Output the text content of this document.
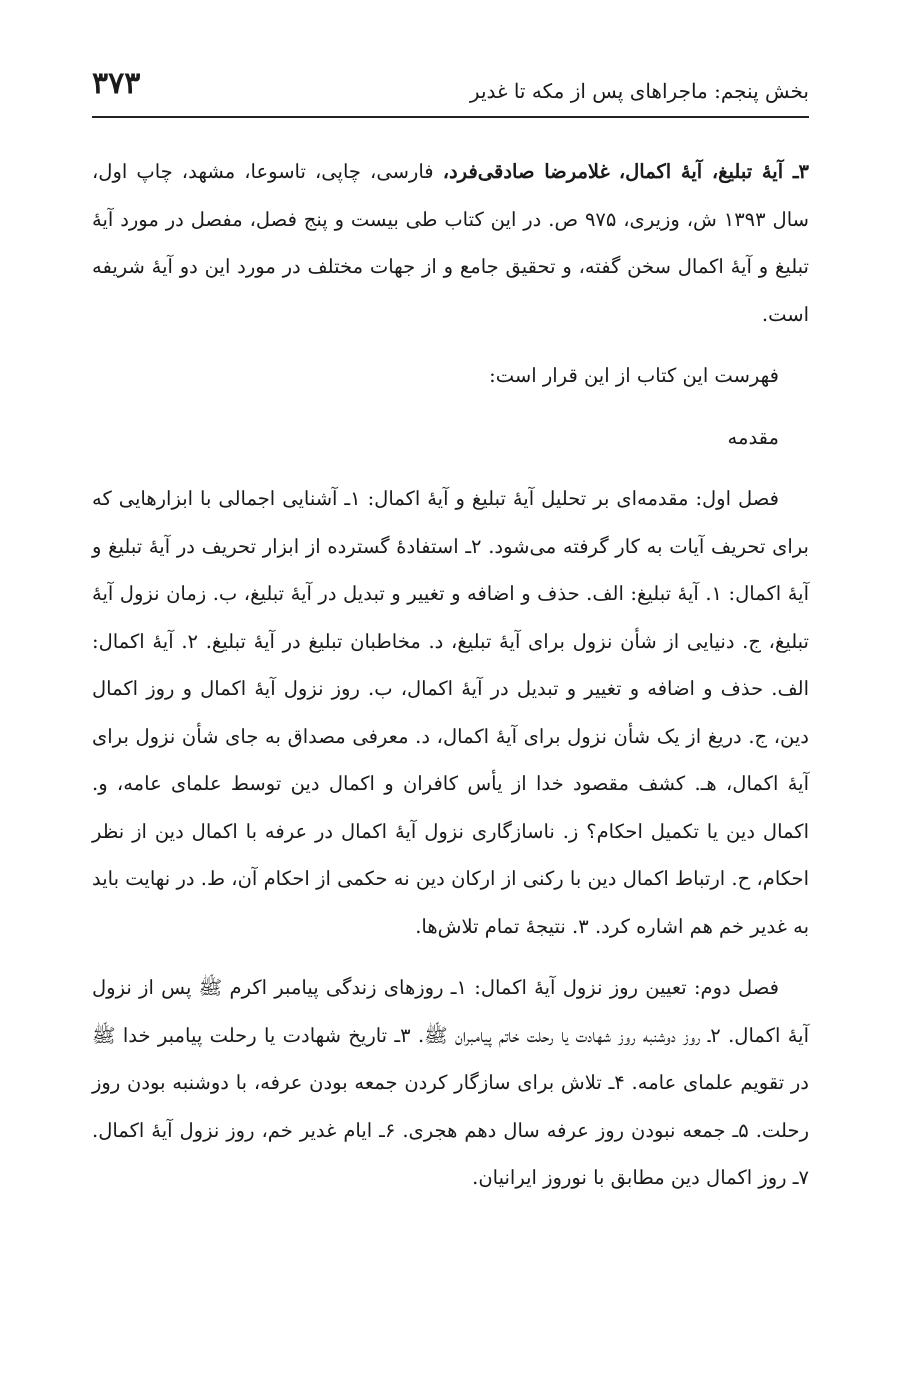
بخش پنجم: ماجراهای پس از مکه تا غدیر
۳۷۳

۳ـ آیۀ تبلیغ، آیۀ اکمال، غلامرضا صادقی‌فرد، فارسی، چاپی، تاسوعا، مشهد، چاپ اول، سال ۱۳۹۳ ش، وزیری، ۹۷۵ ص. در این کتاب طی بیست و پنج فصل، مفصل در مورد آیۀ تبلیغ و آیۀ اکمال سخن گفته، و تحقیق جامع و از جهات مختلف در مورد این دو آیۀ شریفه است.

فهرست این کتاب از این قرار است:

مقدمه

فصل اول: مقدمه‌ای بر تحلیل آیۀ تبلیغ و آیۀ اکمال: ۱ـ آشنایی اجمالی با ابزارهایی که برای تحریف آیات به کار گرفته می‌شود. ۲ـ استفادۀ گسترده از ابزار تحریف در آیۀ تبلیغ و آیۀ اکمال: ۱. آیۀ تبلیغ: الف. حذف و اضافه و تغییر و تبدیل در آیۀ تبلیغ، ب. زمان نزول آیۀ تبلیغ، ج. دنیایی از شأن نزول برای آیۀ تبلیغ، د. مخاطبان تبلیغ در آیۀ تبلیغ. ۲. آیۀ اکمال: الف. حذف و اضافه و تغییر و تبدیل در آیۀ اکمال، ب. روز نزول آیۀ اکمال و روز اکمال دین، ج. دریغ از یک شأن نزول برای آیۀ اکمال، د. معرفی مصداق به جای شأن نزول برای آیۀ اکمال، هـ. کشف مقصود خدا از یأس کافران و اکمال دین توسط علمای عامه، و. اکمال دین یا تکمیل احکام؟ ز. ناسازگاری نزول آیۀ اکمال در عرفه با اکمال دین از نظر احکام، ح. ارتباط اکمال دین با رکنی از ارکان دین نه حکمی از احکام آن، ط. در نهایت باید به غدیر خم هم اشاره کرد. ۳. نتیجۀ تمام تلاش‌ها.

فصل دوم: تعیین روز نزول آیۀ اکمال: ۱ـ روزهای زندگی پیامبر اکرم ﷺ پس از نزول آیۀ اکمال. ۲ـ روز دوشنبه روز شهادت یا رحلت خاتم پیامبران ﷺ. ۳ـ تاریخ شهادت یا رحلت پیامبر خدا ﷺ در تقویم علمای عامه. ۴ـ تلاش برای سازگار کردن جمعه بودن عرفه، با دوشنبه بودن روز رحلت. ۵ـ جمعه نبودن روز عرفه سال دهم هجری. ۶ـ ایام غدیر خم، روز نزول آیۀ اکمال. ۷ـ روز اکمال دین مطابق با نوروز ایرانیان.
